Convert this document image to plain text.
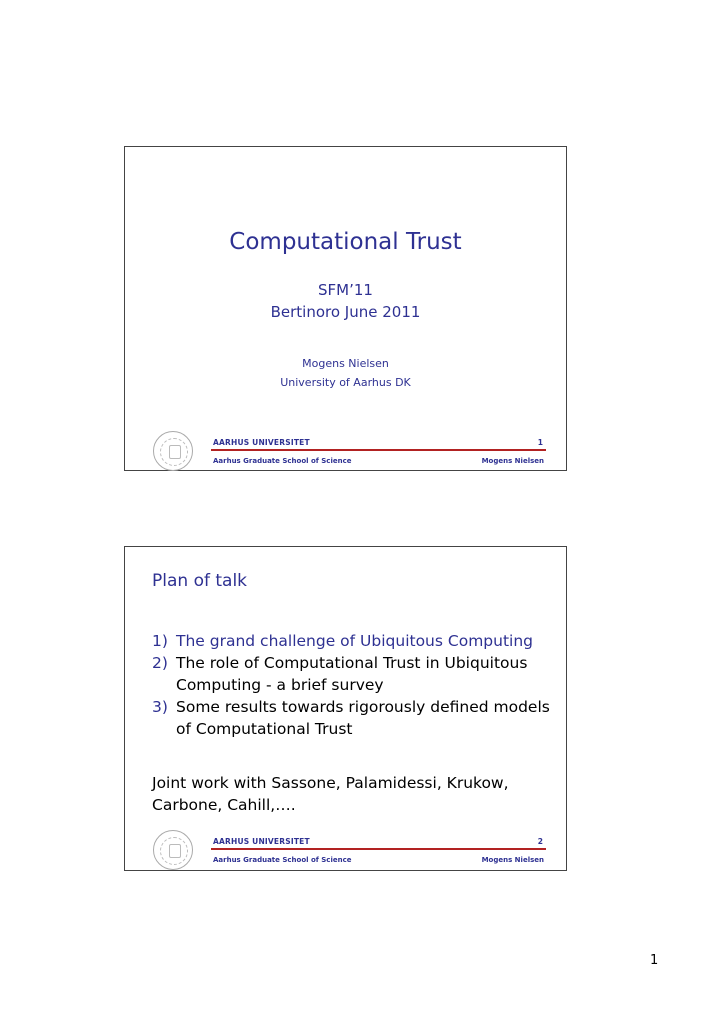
Computational Trust
SFM’11
Bertinoro June 2011
Mogens Nielsen
University of Aarhus DK
AARHUS UNIVERSITET	1
Aarhus Graduate School of Science	Mogens Nielsen
Plan of talk
1) The grand challenge of Ubiquitous Computing
2) The role of Computational Trust in Ubiquitous Computing - a brief survey
3) Some results towards rigorously defined models of Computational Trust
Joint work with Sassone, Palamidessi, Krukow, Carbone, Cahill,….
AARHUS UNIVERSITET	2
Aarhus Graduate School of Science	Mogens Nielsen
1
